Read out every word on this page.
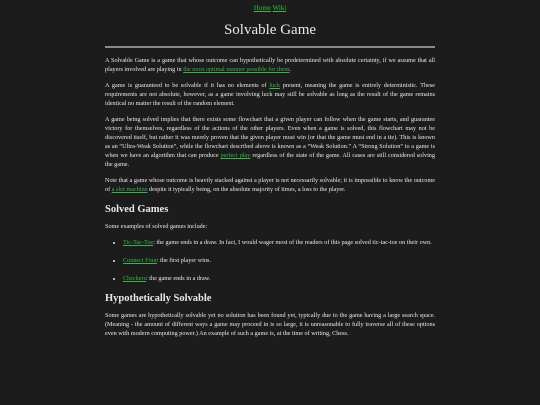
Home Wiki
Solvable Game

A Solvable Game is a game that whose outcome can hypothetically be predetermined with absolute certainty, if we assume that all players involved are playing in the most optimal manner possible for them.

A game is guaranteed to be solvable if it has no elements of luck present, meaning the game is entirely deterministic. These requirements are not absolute, however, as a game involving luck may still be solvable as long as the result of the game remains identical no matter the result of the random element.

A game being solved implies that there exists some flowchart that a given player can follow when the game starts, and guarantee victory for themselves, regardless of the actions of the other players. Even when a game is solved, this flowchart may not be discovered itself, but rather it was merely proven that the given player must win (or that the game must end in a tie). This is known as an “Ultra-Weak Solution”, while the flowchart described above is known as a “Weak Solution.” A “Strong Solution” to a game is when we have an algorithm that can produce perfect play regardless of the state of the game. All cases are still considered solving the game.

Note that a game whose outcome is heavily stacked against a player is not necessarily solvable; it is impossible to know the outcome of a slot machine despite it typically being, on the absolute majority of times, a loss to the player.

Solved Games

Some examples of solved games include:

• Tic-Tac-Toe: the game ends in a draw. In fact, I would wager most of the readers of this page solved tic-tac-toe on their own.
• Connect Four: the first player wins.
• Checkers: the game ends in a draw.
Hypothetically Solvable

Some games are hypothetically solvable yet no solution has been found yet, typically due to the game having a large search space. (Meaning - the amount of different ways a game may proceed in is so large, it is unreasonable to fully traverse all of these options even with modern computing power.) An example of such a game is, at the time of writing, Chess.
